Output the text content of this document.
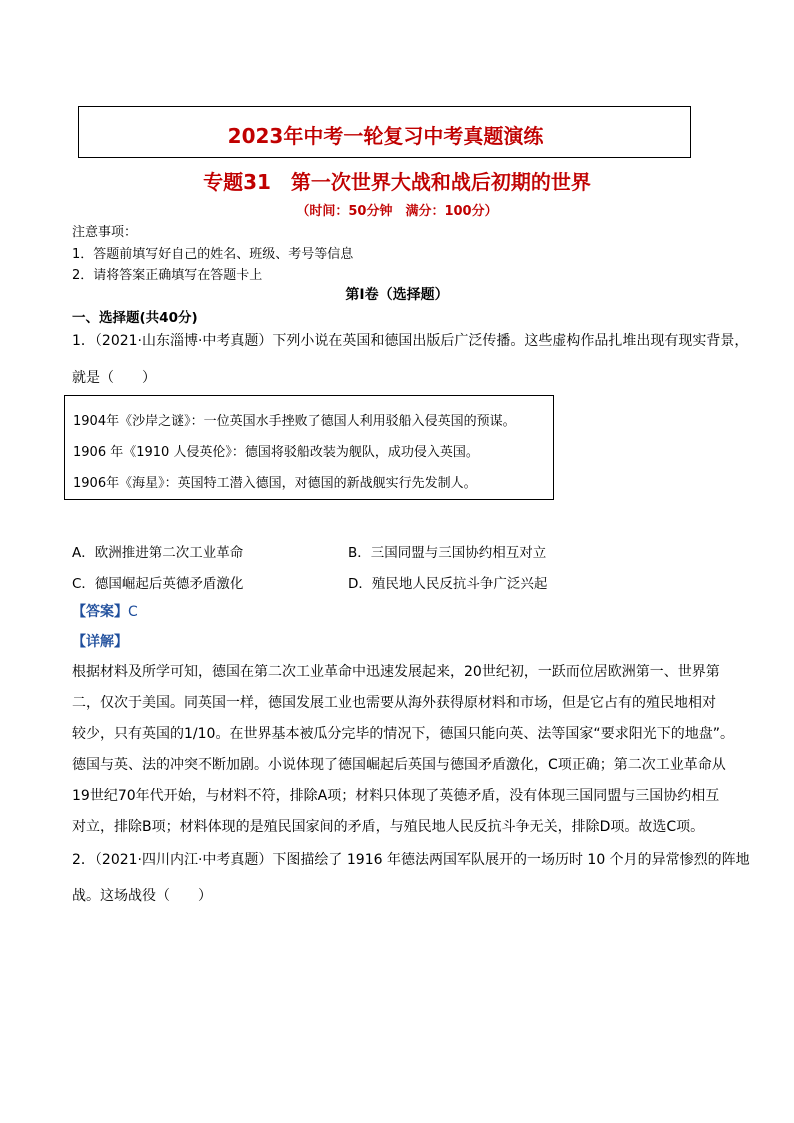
2023年中考一轮复习中考真题演练
专题31　第一次世界大战和战后初期的世界
（时间：50分钟　满分：100分）
注意事项：
1．答题前填写好自己的姓名、班级、考号等信息
2．请将答案正确填写在答题卡上
第I卷（选择题）
一、选择题(共40分)
1．（2021·山东淄博·中考真题）下列小说在英国和德国出版后广泛传播。这些虚构作品扎堆出现有现实背景，
就是（　　）
1904年《沙岸之谜》：一位英国水手挫败了德国人利用驳船入侵英国的预谋。
1906 年《1910 人侵英伦》：德国将驳船改装为舰队，成功侵入英国。
1906年《海星》：英国特工潜入德国，对德国的新战舰实行先发制人。
A．欧洲推进第二次工业革命	B．三国同盟与三国协约相互对立
C．德国崛起后英德矛盾激化	D．殖民地人民反抗斗争广泛兴起
【答案】C
【详解】
根据材料及所学可知，德国在第二次工业革命中迅速发展起来，20世纪初，一跃而位居欧洲第一、世界第
二，仅次于美国。同英国一样，德国发展工业也需要从海外获得原材料和市场，但是它占有的殖民地相对
较少，只有英国的1/10。在世界基本被瓜分完毕的情况下，德国只能向英、法等国家“要求阳光下的地盘”。
德国与英、法的冲突不断加剧。小说体现了德国崛起后英国与德国矛盾激化，C项正确；第二次工业革命从
19世纪70年代开始，与材料不符，排除A项；材料只体现了英德矛盾，没有体现三国同盟与三国协约相互
对立，排除B项；材料体现的是殖民国家间的矛盾，与殖民地人民反抗斗争无关，排除D项。故选C项。
2．（2021·四川内江·中考真题）下图描绘了 1916 年德法两国军队展开的一场历时 10 个月的异常惨烈的阵地
战。这场战役（　　）
